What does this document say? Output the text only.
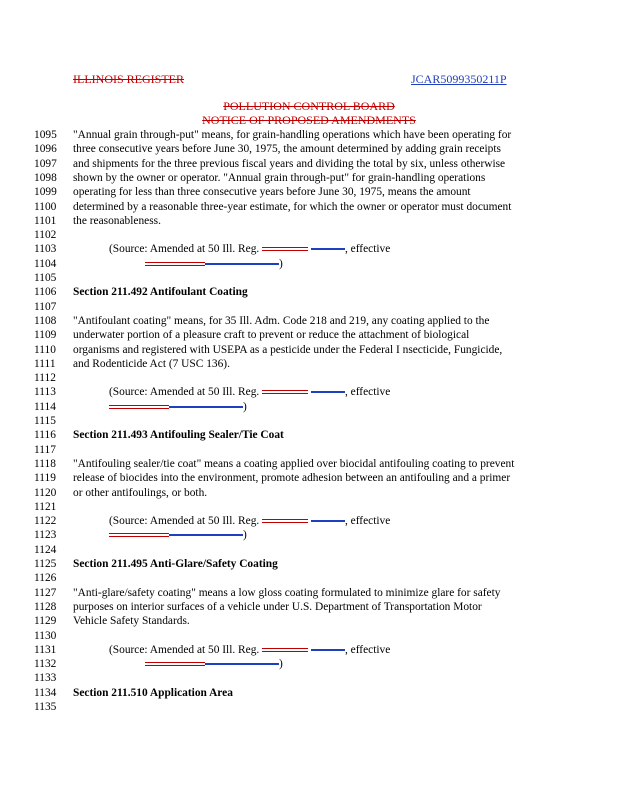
ILLINOIS REGISTER	JCAR5099350211P
POLLUTION CONTROL BOARD
NOTICE OF PROPOSED AMENDMENTS
1095 "Annual grain through-put" means, for grain-handling operations which have been operating for
1096 three consecutive years before June 30, 1975, the amount determined by adding grain receipts
1097 and shipments for the three previous fiscal years and dividing the total by six, unless otherwise
1098 shown by the owner or operator. "Annual grain through-put" for grain-handling operations
1099 operating for less than three consecutive years before June 30, 1975, means the amount
1100	determined by a reasonable three-year estimate, for which the owner or operator must document
1101	the reasonableness.
1102
1103	(Source: Amended at 50 Ill. Reg.	, effective
1104	)
1105
1106	Section 211.492 Antifoulant Coating
1107
1108	"Antifoulant coating" means, for 35 Ill. Adm. Code 218 and 219, any coating applied to the
1109	underwater portion of a pleasure craft to prevent or reduce the attachment of biological
1110	organisms and registered with USEPA as a pesticide under the Federal I nsecticide, Fungicide,
1111	and Rodenticide Act (7 USC 136).
1112
1113	(Source: Amended at 50 Ill. Reg.	, effective
1114	)
1115
1116	Section 211.493 Antifouling Sealer/Tie Coat
1117
1118	"Antifouling sealer/tie coat" means a coating applied over biocidal antifouling coating to prevent
1119	release of biocides into the environment, promote adhesion between an antifouling and a primer
1120	or other antifoulings, or both.
1121
1122	(Source: Amended at 50 Ill. Reg.	, effective
1123	)
1124
1125	Section 211.495 Anti-Glare/Safety Coating
1126
1127	"Anti-glare/safety coating" means a low gloss coating formulated to minimize glare for safety
1128	purposes on interior surfaces of a vehicle under U.S. Department of Transportation Motor
1129	Vehicle Safety Standards.
1130
1131	(Source: Amended at 50 Ill. Reg.	, effective
1132	)
1133
1134	Section 211.510 Application Area
1135
